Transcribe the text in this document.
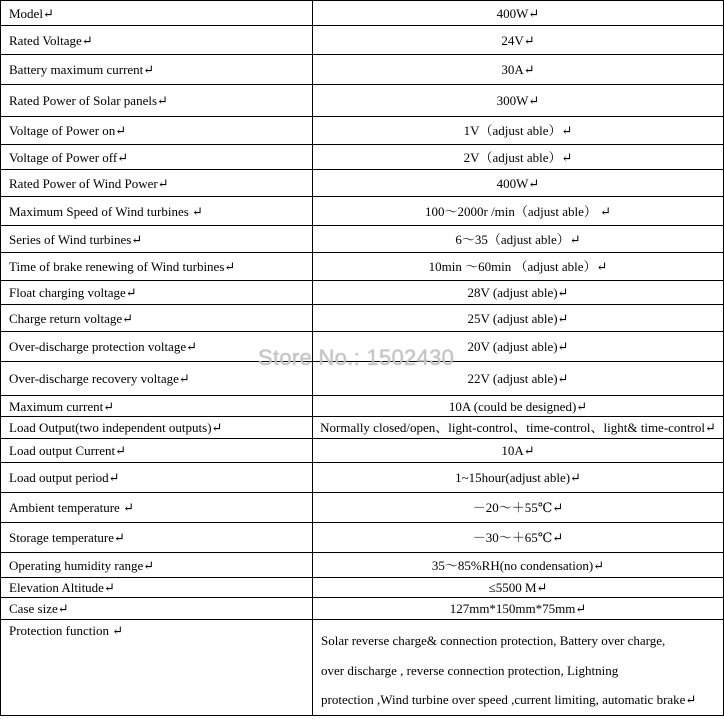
Model↵	400W↵
Rated Voltage↵	24V↵
Battery maximum current↵	30A↵
Rated Power of Solar panels↵	300W↵
Voltage of Power on↵	1V（adjust able）↵
Voltage of Power off↵	2V（adjust able）↵
Rated Power of Wind Power↵	400W↵
Maximum Speed of Wind turbines ↵	100～2000r /min（adjust able） ↵
Series of Wind turbines↵	6～35（adjust able）↵
Time of brake renewing of Wind turbines↵	10min ～60min （adjust able）↵
Float charging voltage↵	28V (adjust able)↵
Charge return voltage↵	25V (adjust able)↵
Over-discharge protection voltage↵	20V (adjust able)↵
Over-discharge recovery voltage↵	22V (adjust able)↵
Maximum current↵	10A (could be designed)↵
Load Output(two independent outputs)↵	Normally closed/open、light-control、time-control、light& time-control↵
Load output Current↵	10A↵
Load output period↵	1~15hour(adjust able)↵
Ambient temperature ↵	－20～＋55℃↵
Storage temperature↵	－30～＋65℃↵
Operating humidity range↵	35～85%RH(no condensation)↵
Elevation Altitude↵	≤5500 M↵
Case size↵	127mm*150mm*75mm↵
Protection function ↵	Solar reverse charge& connection protection, Battery over charge,
over discharge , reverse connection protection, Lightning
protection ,Wind turbine over speed ,current limiting, automatic brake↵
Store No.: 1502430
